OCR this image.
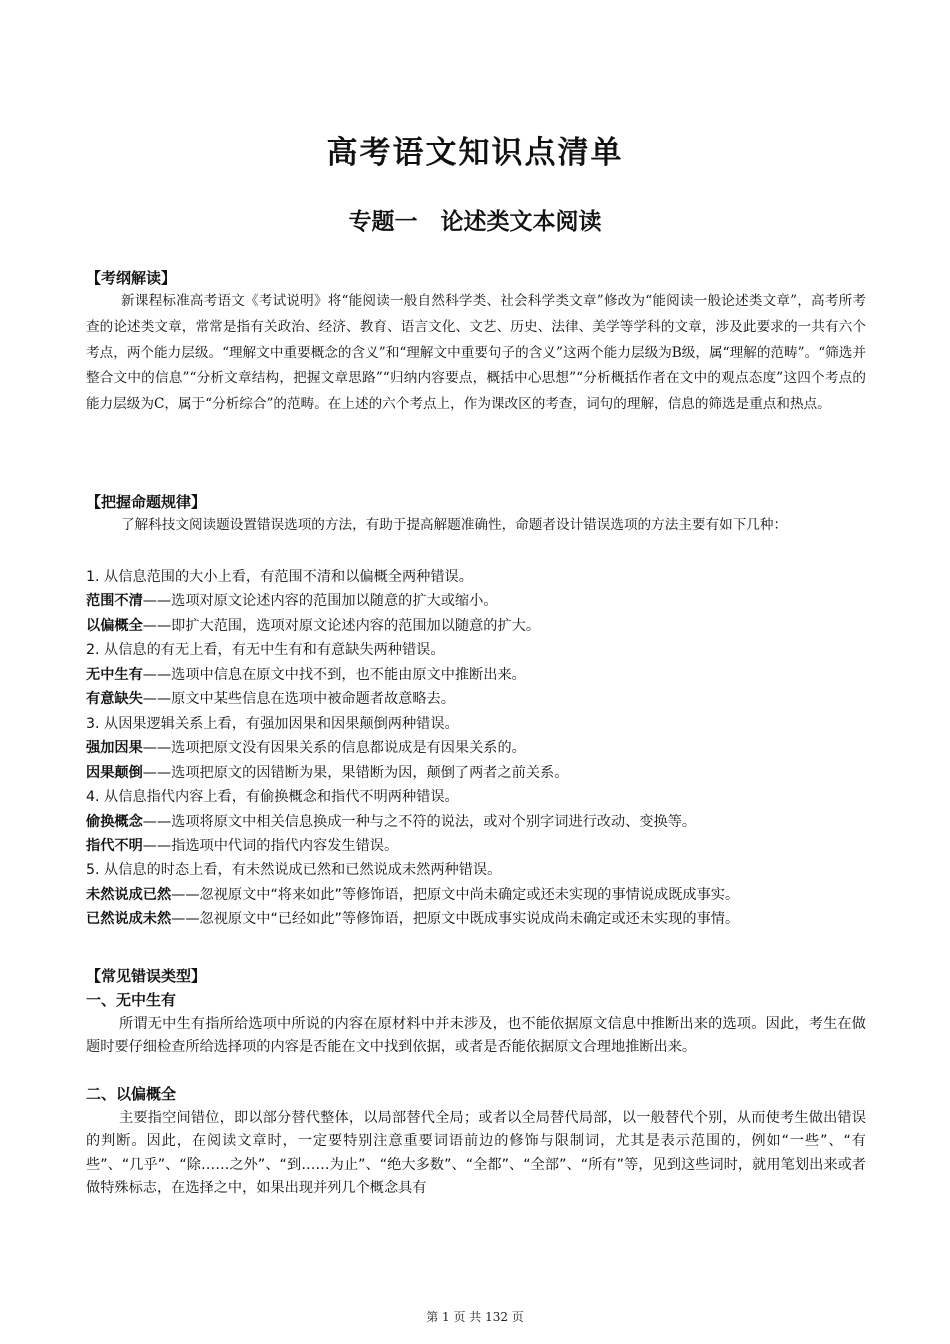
高考语文知识点清单
专题一　论述类文本阅读
【考纲解读】
新课程标准高考语文《考试说明》将“能阅读一般自然科学类、社会科学类文章”修改为“能阅读一般论述类文章”，高考所考查的论述类文章，常常是指有关政治、经济、教育、语言文化、文艺、历史、法律、美学等学科的文章，涉及此要求的一共有六个考点，两个能力层级。“理解文中重要概念的含义”和“理解文中重要句子的含义”这两个能力层级为B级，属“理解的范畴”。“筛选并整合文中的信息”“分析文章结构，把握文章思路”“归纳内容要点，概括中心思想”“分析概括作者在文中的观点态度”这四个考点的能力层级为C，属于“分析综合”的范畴。在上述的六个考点上，作为课改区的考查，词句的理解，信息的筛选是重点和热点。
【把握命题规律】
了解科技文阅读题设置错误选项的方法，有助于提高解题准确性，命题者设计错误选项的方法主要有如下几种：
1. 从信息范围的大小上看，有范围不清和以偏概全两种错误。
范围不清——选项对原文论述内容的范围加以随意的扩大或缩小。
以偏概全——即扩大范围，选项对原文论述内容的范围加以随意的扩大。
2. 从信息的有无上看，有无中生有和有意缺失两种错误。
无中生有——选项中信息在原文中找不到，也不能由原文中推断出来。
有意缺失——原文中某些信息在选项中被命题者故意略去。
3. 从因果逻辑关系上看，有强加因果和因果颠倒两种错误。
强加因果——选项把原文没有因果关系的信息都说成是有因果关系的。
因果颠倒——选项把原文的因错断为果，果错断为因，颠倒了两者之前关系。
4. 从信息指代内容上看，有偷换概念和指代不明两种错误。
偷换概念——选项将原文中相关信息换成一种与之不符的说法，或对个别字词进行改动、变换等。
指代不明——指选项中代词的指代内容发生错误。
5. 从信息的时态上看，有未然说成已然和已然说成未然两种错误。
未然说成已然——忽视原文中“将来如此”等修饰语，把原文中尚未确定或还未实现的事情说成既成事实。
已然说成未然——忽视原文中“已经如此”等修饰语，把原文中既成事实说成尚未确定或还未实现的事情。
【常见错误类型】
一、无中生有
所谓无中生有指所给选项中所说的内容在原材料中并未涉及，也不能依据原文信息中推断出来的选项。因此，考生在做题时要仔细检查所给选择项的内容是否能在文中找到依据，或者是否能依据原文合理地推断出来。
二、以偏概全
主要指空间错位，即以部分替代整体，以局部替代全局；或者以全局替代局部，以一般替代个别，从而使考生做出错误的判断。因此，在阅读文章时，一定要特别注意重要词语前边的修饰与限制词，尤其是表示范围的，例如“一些”、“有些”、“几乎”、“除……之外”、“到……为止”、“绝大多数”、“全都”、“全部”、“所有”等，见到这些词时，就用笔划出来或者做特殊标志，在选择之中，如果出现并列几个概念具有
第 1 页 共 132 页
